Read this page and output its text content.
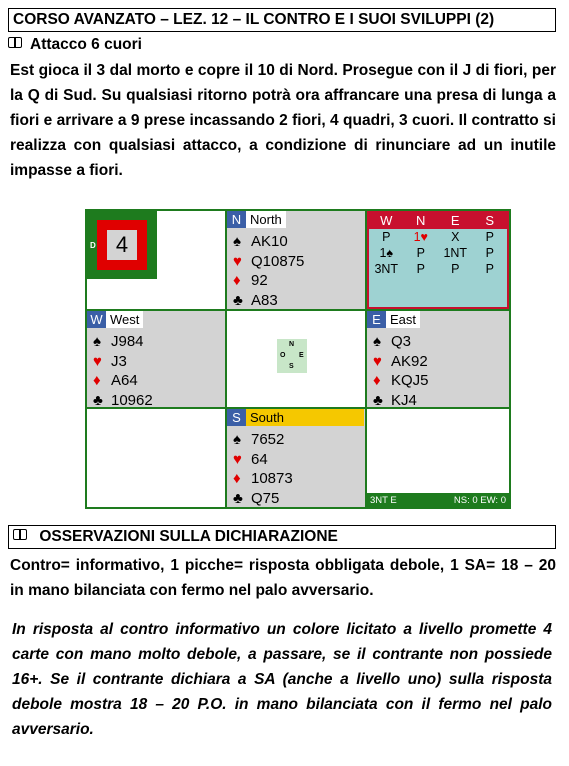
CORSO AVANZATO – LEZ. 12 – IL CONTRO E I SUOI SVILUPPI (2)
Attacco 6 cuori
Est gioca il 3 dal morto e copre il 10 di Nord. Prosegue con il J di fiori, per la Q di Sud. Su qualsiasi ritorno potrà ora affrancare una presa di lunga a fiori e arrivare a 9 prese incassando 2 fiori, 4 quadri, 3 cuori. Il contratto si realizza con qualsiasi attacco, a condizione di rinunciare ad un inutile impasse a fiori.
4
D
N North
♠ AK10
♥ Q10875
♦ 92
♣ A83
W	N	E	S
P	1♥	X	P
1♠	P	1NT	P
3NT	P	P	P
W West
♠ J984
♥ J3
♦ A64
♣ 10962
N
O E
S
E East
♠ Q3
♥ AK92
♦ KQJ5
♣ KJ4
S South
♠ 7652
♥ 64
♦ 10873
♣ Q75	3NT E	NS: 0 EW: 0
OSSERVAZIONI SULLA DICHIARAZIONE
Contro= informativo, 1 picche= risposta obbligata debole, 1 SA= 18 – 20 in mano bilanciata con fermo nel palo avversario.
In risposta al contro informativo un colore licitato a livello promette 4 carte con mano molto debole, a passare, se il contrante non possiede 16+. Se il contrante dichiara a SA (anche a livello uno) sulla risposta debole mostra 18 – 20 P.O. in mano bilanciata con il fermo nel palo avversario.
